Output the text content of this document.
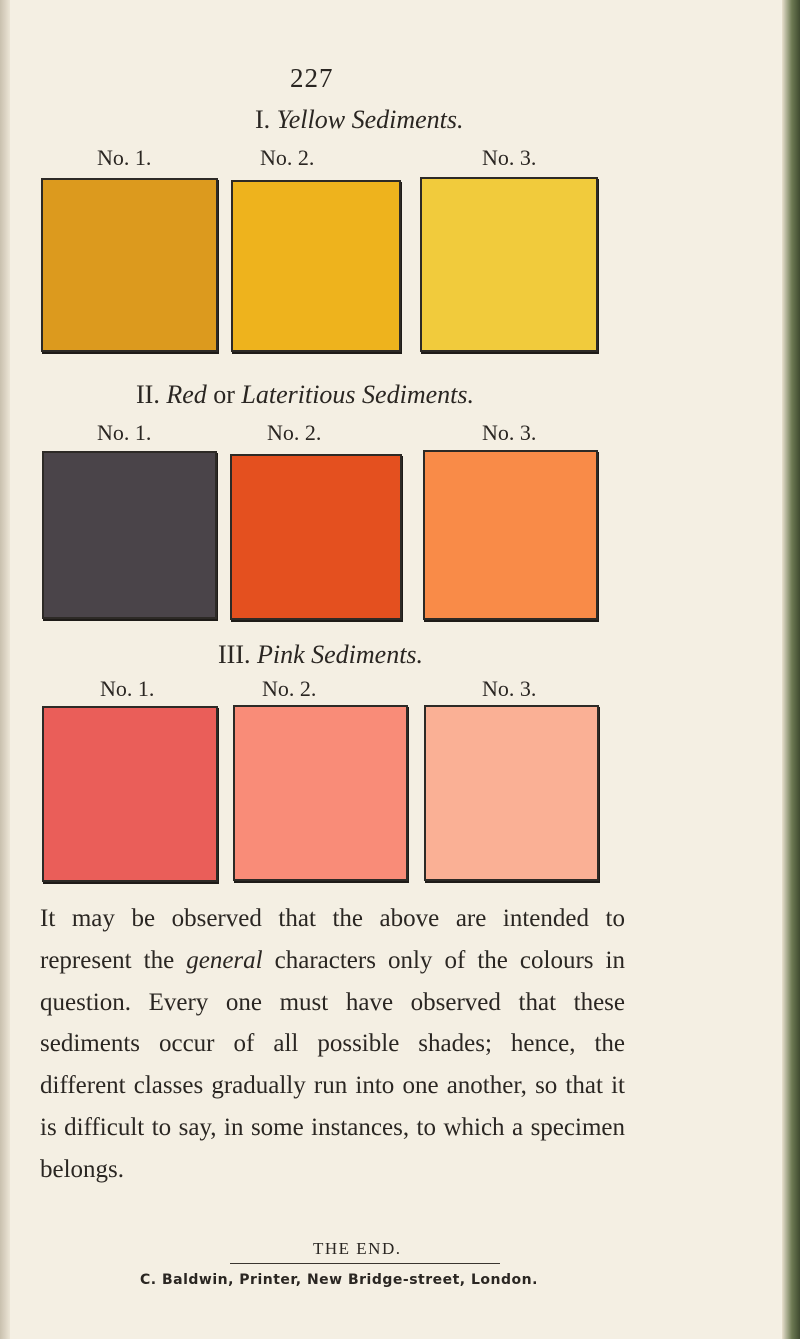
227
I. Yellow Sediments.
No. 1.	No. 2.	No. 3.
II. Red or Lateritious Sediments.
No. 1.	No. 2.	No. 3.
III. Pink Sediments.
No. 1.	No. 2.	No. 3.
It may be observed that the above are intended to represent the general characters only of the colours in question. Every one must have observed that these sediments occur of all possible shades; hence, the different classes gradually run into one another, so that it is difficult to say, in some instances, to which a specimen belongs.
THE END.
C. Baldwin, Printer, New Bridge-street, London.
